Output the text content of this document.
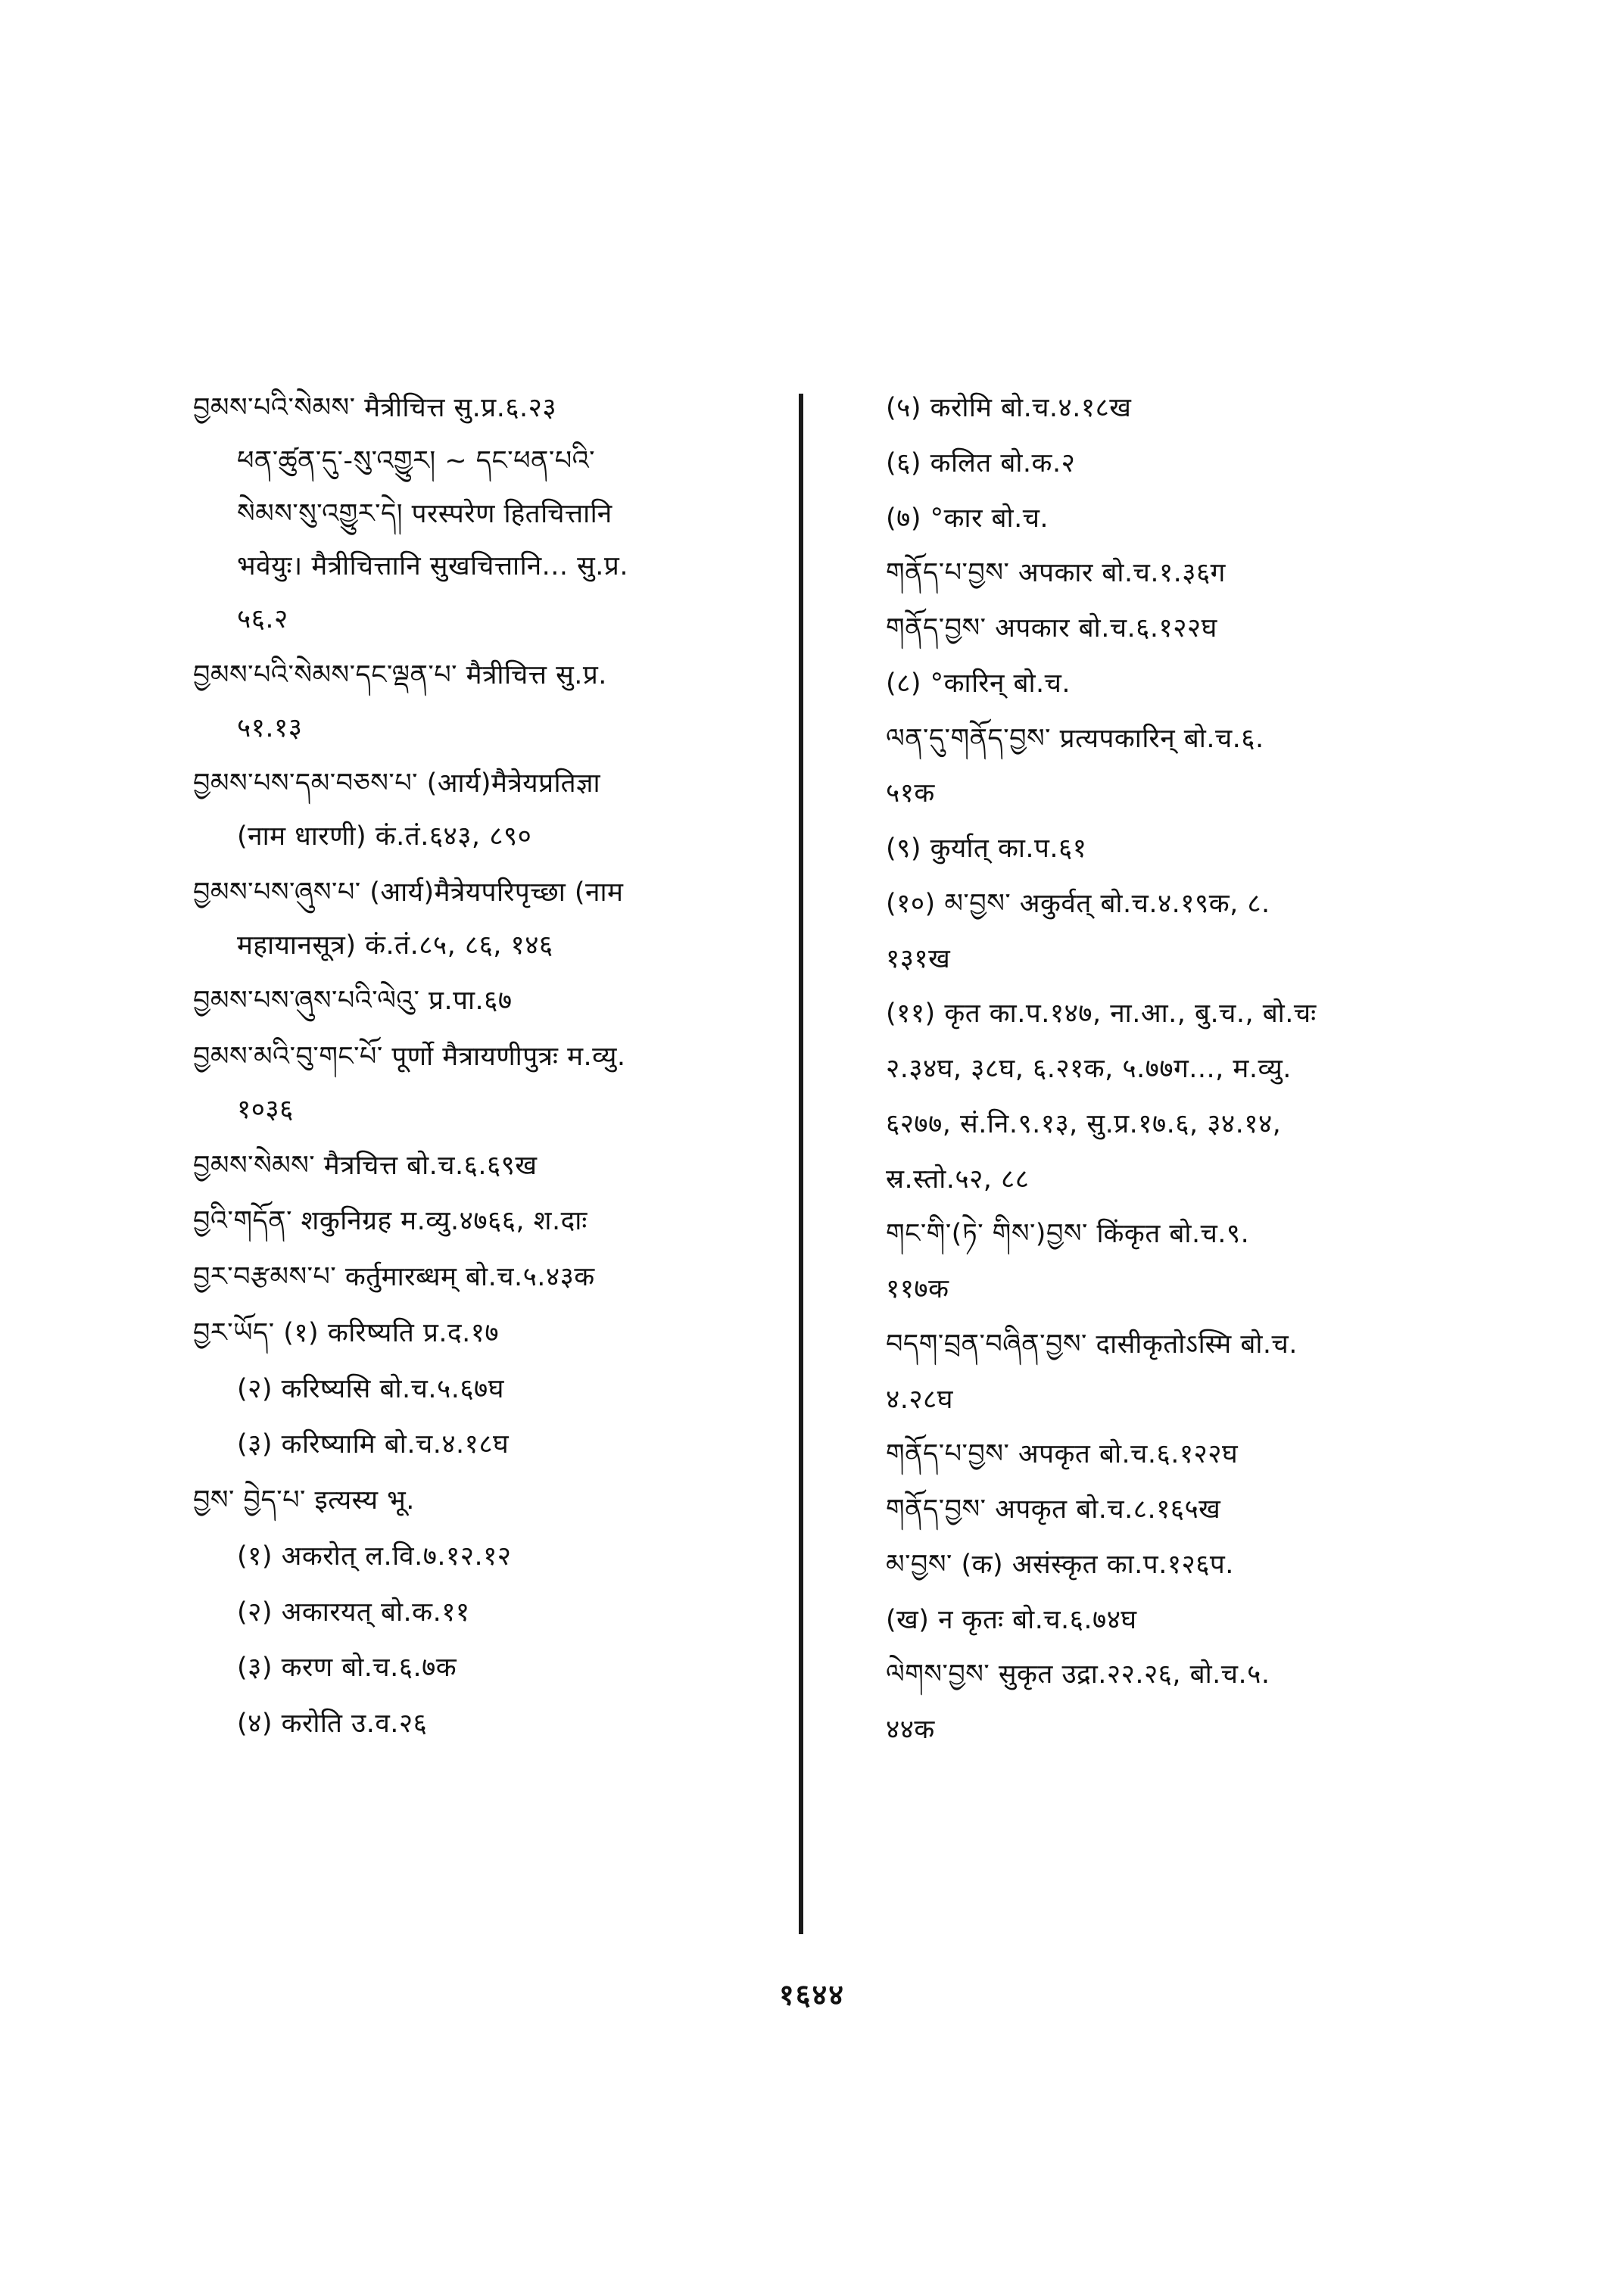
བྱམས་པའི་སེམས་ मैत्रीचित्त सु.प्र.६.२३

ཕན་ཚུན་དུ་-སུ་འགྱུར། ~ དང་ཕན་པའི་

སེམས་སུ་འགྱུར་དེ། परस्परेण हितचित्तानि

भवेयुः। मैत्रीचित्तानि सुखचित्तानि... सु.प्र.

५६.२

བྱམས་པའི་སེམས་དང་ལྡན་པ་ मैत्रीचित्त सु.प्र.

५१.१३

བྱམས་པས་དམ་བཅས་པ་ (आर्य)मैत्रेयप्रतिज्ञा

(नाम धारणी) कं.तं.६४३, ८९०

བྱམས་པས་ཞུས་པ་ (आर्य)मैत्रेयपरिपृच्छा (नाम

महायानसूत्र) कं.तं.८५, ८६, १४६

བྱམས་པས་ཞུས་པའི་ལེའུ་ प्र.पा.६७

བྱམས་མའི་བུ་གང་པོ་ पूर्णो मैत्रायणीपुत्रः म.व्यु.

१०३६

བྱམས་སེམས་ मैत्रचित्त बो.च.६.६९ख

བྱའི་གདོན་ शकुनिग्रह म.व्यु.४७६६, श.दाः

བྱར་བརྩམས་པ་ कर्तुमारब्धम् बो.च.५.४३क

བྱར་ཡོད་ (१) करिष्यति प्र.द.१७

(२) करिष्यसि बो.च.५.६७घ

(३) करिष्यामि बो.च.४.१८घ

བྱས་ བྱེད་པ་ इत्यस्य भू.

(१) अकरोत् ल.वि.७.१२.१२

(२) अकारयत् बो.क.११

(३) करण बो.च.६.७क

(४) करोति उ.व.२६

(५) करोमि बो.च.४.१८ख

(६) कलित बो.क.२

(७) °कार बो.च.

གནོད་པ་བྱས་ अपकार बो.च.१.३६ग

གནོད་བྱས་ अपकार बो.च.६.१२२घ

(८) °कारिन् बो.च.

ལན་དུ་གནོད་བྱས་ प्रत्यपकारिन् बो.च.६.

५१क

(९) कुर्यात् का.प.६१

(१०) མ་བྱས་ अकुर्वत् बो.च.४.१९क, ८.

१३१ख

(११) कृत का.प.१४७, ना.आ., बु.च., बो.चः

२.३४घ, ३८घ, ६.२१क, ५.७७ग..., म.व्यु.

६२७७, सं.नि.९.१३, सु.प्र.१७.६, ३४.१४,

स्र.स्तो.५२, ८८

གང་གི་(ཏེ་ གིས་)བྱས་ किंकृत बो.च.९.

११७क

བདག་བྲན་བཞིན་བྱས་ दासीकृतोऽस्मि बो.च.

४.२८घ

གནོད་པ་བྱས་ अपकृत बो.च.६.१२२घ

གནོད་བྱས་ अपकृत बो.च.८.१६५ख

མ་བྱས་ (क) असंस्कृत का.प.१२६प.

(ख) न कृतः बो.च.६.७४घ

ལེགས་བྱས་ सुकृत उद्रा.२२.२६, बो.च.५.

४४क

१६४४
